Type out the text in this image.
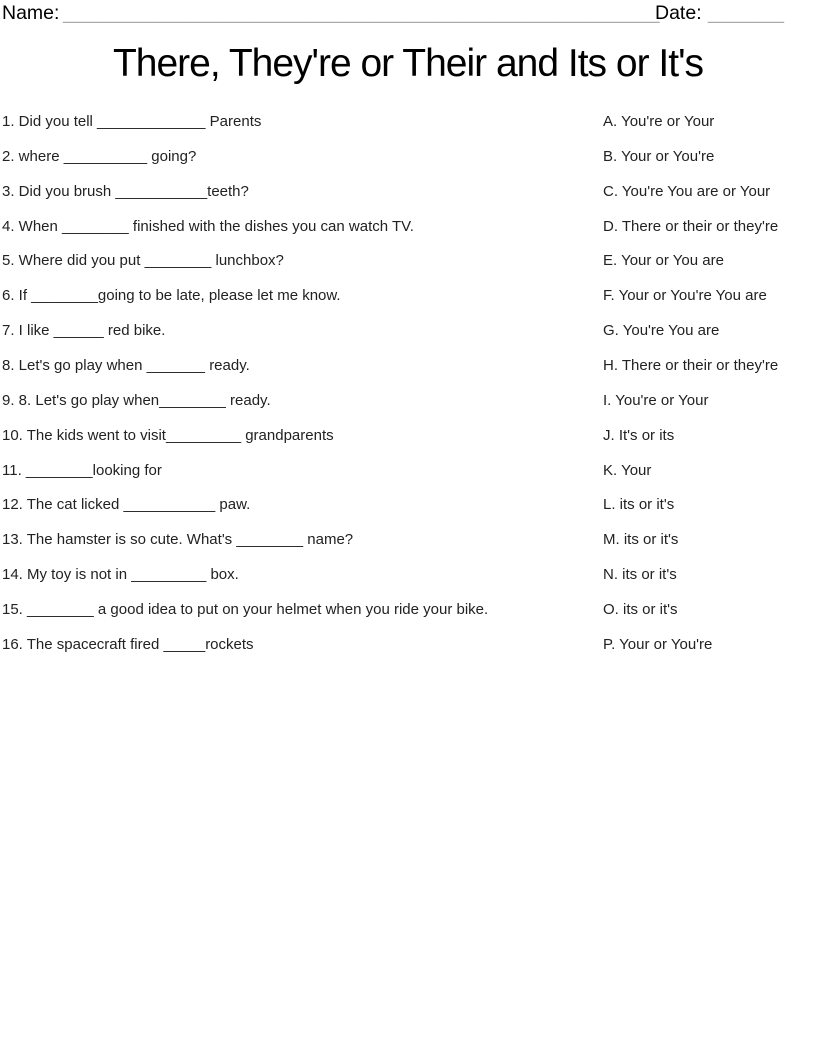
Name: _______________________________________________________
Date: _______
There, They're or Their and Its or It's
1. Did you tell _____________ Parents
2. where __________ going?
3. Did you brush ___________teeth?
4. When ________ finished with the dishes you can watch TV.
5. Where did you put ________ lunchbox?
6. If ________going to be late, please let me know.
7. I like ______ red bike.
8. Let's go play when _______ ready.
9. 8. Let's go play when________ ready.
10. The kids went to visit_________ grandparents
11. ________looking for
12. The cat licked ___________ paw.
13. The hamster is so cute. What's ________ name?
14. My toy is not in _________ box.
15. ________ a good idea to put on your helmet when you ride your bike.
16. The spacecraft fired _____rockets
A. You're or Your
B. Your or You're
C. You're You are or Your
D. There or their or they're
E. Your or You are
F. Your or You're You are
G. You're You are
H. There or their or they're
I. You're or Your
J. It's or its
K. Your
L. its or it's
M. its or it's
N. its or it's
O. its or it's
P. Your or You're
